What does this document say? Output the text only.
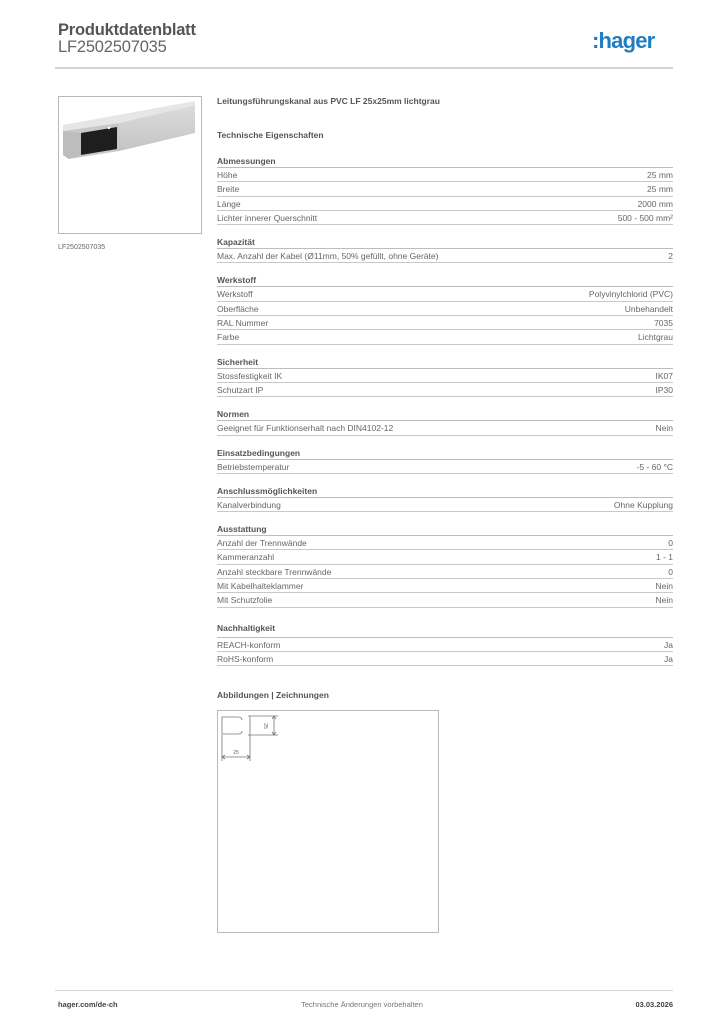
Produktdatenblatt
LF2502507035	:hager
LF2502507035
Leitungsführungskanal aus PVC LF 25x25mm lichtgrau
Technische Eigenschaften
Abmessungen
Höhe	25 mm
Breite	25 mm
Länge	2000 mm
Lichter innerer Querschnitt	500 - 500 mm²
Kapazität
Max. Anzahl der Kabel (Ø11mm, 50% gefüllt, ohne Geräte)	2
Werkstoff
Werkstoff	Polyvinylchlorid (PVC)
Oberfläche	Unbehandelt
RAL Nummer	7035
Farbe	Lichtgrau
Sicherheit
Stossfestigkeit IK	IK07
Schutzart IP	IP30
Normen
Geeignet für Funktionserhalt nach DIN4102-12	Nein
Einsatzbedingungen
Betriebstemperatur	-5 - 60 °C
Anschlussmöglichkeiten
Kanalverbindung	Ohne Kupplung
Ausstattung
Anzahl der Trennwände	0
Kammeranzahl	1 - 1
Anzahl steckbare Trennwände	0
Mit Kabelhalteklammer	Nein
Mit Schutzfolie	Nein
Nachhaltigkeit
REACH-konform	Ja
RoHS-konform	Ja
Abbildungen | Zeichnungen
25
25
hager.com/de-ch	Technische Änderungen vorbehalten	03.03.2026
